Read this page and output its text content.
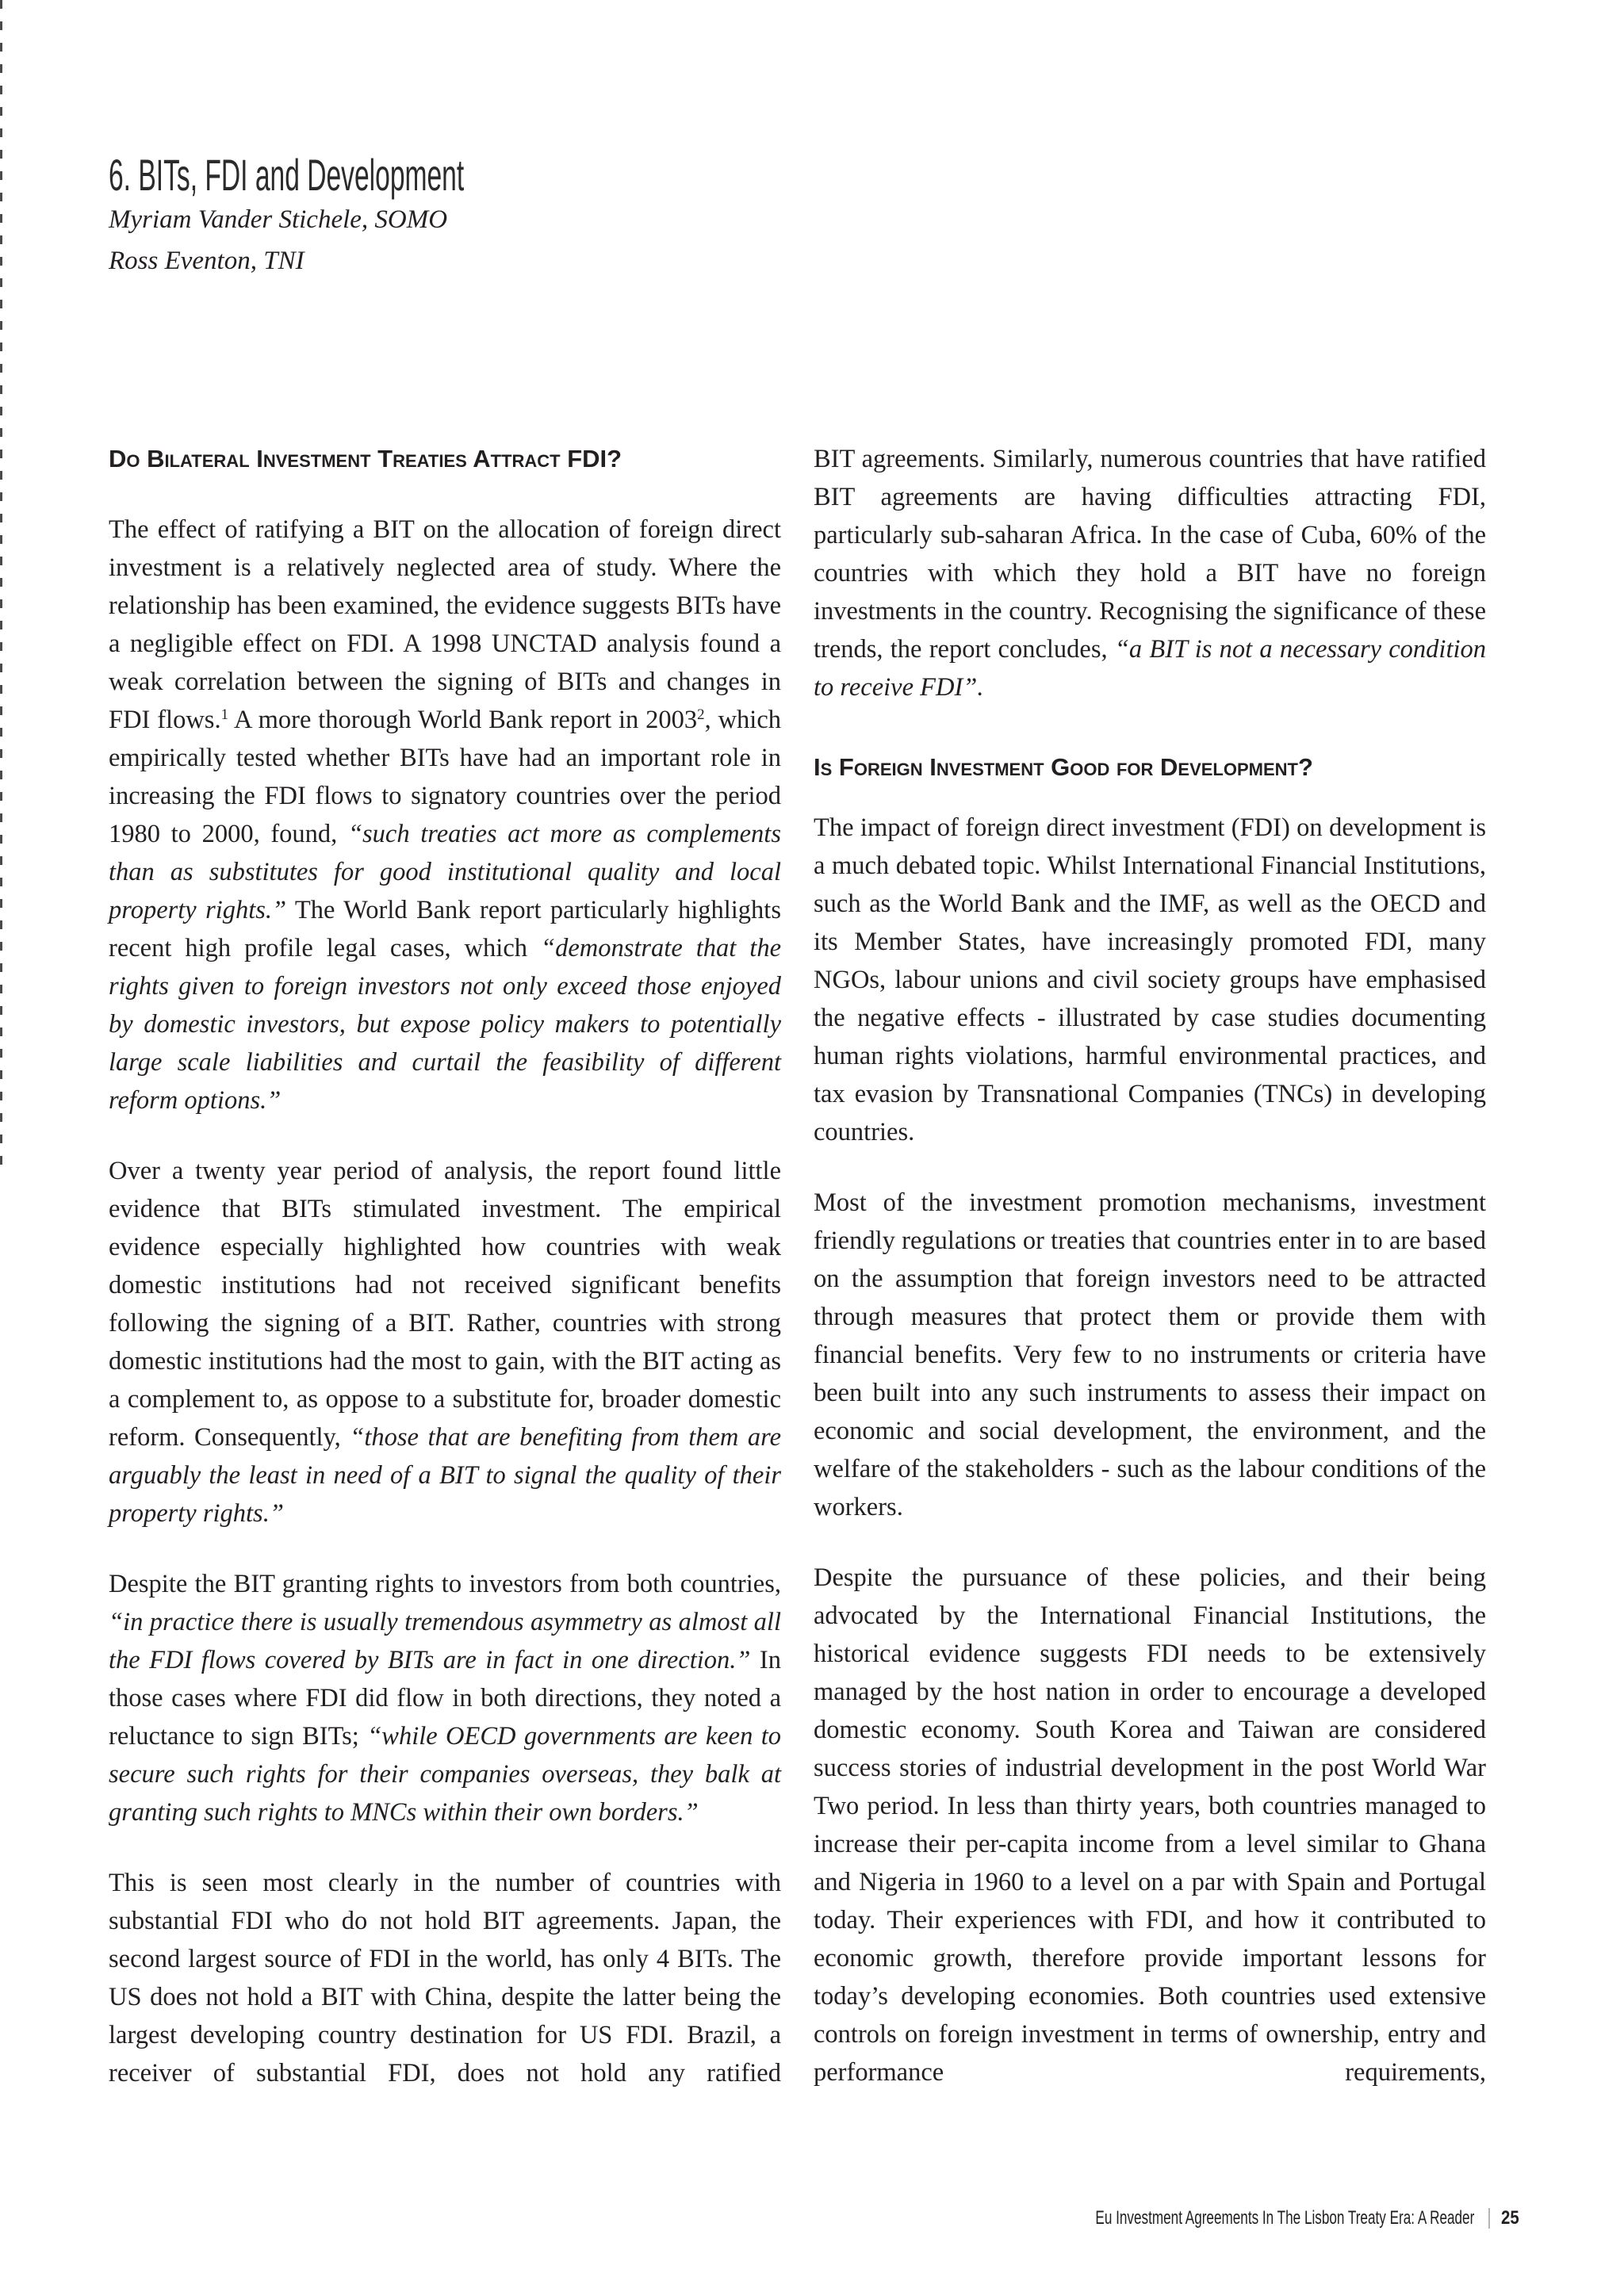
6. BITs, FDI and Development
Myriam Vander Stichele, SOMO
Ross Eventon, TNI
Do Bilateral Investment Treaties Attract FDI?

The effect of ratifying a BIT on the allocation of foreign direct investment is a relatively neglected area of study. Where the relationship has been examined, the evidence suggests BITs have a negligible effect on FDI. A 1998 UNCTAD analysis found a weak correlation between the signing of BITs and changes in FDI flows.$^1$ A more thorough World Bank report in 2003$^2$, which empirically tested whether BITs have had an important role in increasing the FDI flows to signatory countries over the period 1980 to 2000, found, “such treaties act more as complements than as substitutes for good institutional quality and local property rights.” The World Bank report particularly highlights recent high profile legal cases, which “demonstrate that the rights given to foreign investors not only exceed those enjoyed by domestic investors, but expose policy makers to potentially large scale liabilities and curtail the feasibility of different reform options.”

Over a twenty year period of analysis, the report found little evidence that BITs stimulated investment. The empirical evidence especially highlighted how countries with weak domestic institutions had not received significant benefits following the signing of a BIT. Rather, countries with strong domestic institutions had the most to gain, with the BIT acting as a complement to, as oppose to a substitute for, broader domestic reform. Consequently, “those that are benefiting from them are arguably the least in need of a BIT to signal the quality of their property rights.”

Despite the BIT granting rights to investors from both countries, “in practice there is usually tremendous asymmetry as almost all the FDI flows covered by BITs are in fact in one direction.” In those cases where FDI did flow in both directions, they noted a reluctance to sign BITs; “while OECD governments are keen to secure such rights for their companies overseas, they balk at granting such rights to MNCs within their own borders.”

This is seen most clearly in the number of countries with substantial FDI who do not hold BIT agreements. Japan, the second largest source of FDI in the world, has only 4 BITs. The US does not hold a BIT with China, despite the latter being the largest developing country destination for US FDI. Brazil, a receiver of substantial FDI, does not hold any ratified

BIT agreements. Similarly, numerous countries that have ratified BIT agreements are having difficulties attracting FDI, particularly sub-saharan Africa. In the case of Cuba, 60% of the countries with which they hold a BIT have no foreign investments in the country. Recognising the significance of these trends, the report concludes, “a BIT is not a necessary condition to receive FDI”.

Is Foreign Investment Good for Development?

The impact of foreign direct investment (FDI) on development is a much debated topic. Whilst International Financial Institutions, such as the World Bank and the IMF, as well as the OECD and its Member States, have increasingly promoted FDI, many NGOs, labour unions and civil society groups have emphasised the negative effects - illustrated by case studies documenting human rights violations, harmful environmental practices, and tax evasion by Transnational Companies (TNCs) in developing countries.

Most of the investment promotion mechanisms, investment friendly regulations or treaties that countries enter in to are based on the assumption that foreign investors need to be attracted through measures that protect them or provide them with financial benefits. Very few to no instruments or criteria have been built into any such instruments to assess their impact on economic and social development, the environment, and the welfare of the stakeholders - such as the labour conditions of the workers.

Despite the pursuance of these policies, and their being advocated by the International Financial Institutions, the historical evidence suggests FDI needs to be extensively managed by the host nation in order to encourage a developed domestic economy. South Korea and Taiwan are considered success stories of industrial development in the post World War Two period. In less than thirty years, both countries managed to increase their per-capita income from a level similar to Ghana and Nigeria in 1960 to a level on a par with Spain and Portugal today. Their experiences with FDI, and how it contributed to economic growth, therefore provide important lessons for today’s developing economies. Both countries used extensive controls on foreign investment in terms of ownership, entry and performance requirements,

Eu Investment Agreements In The Lisbon Treaty Era: A Reader 25
